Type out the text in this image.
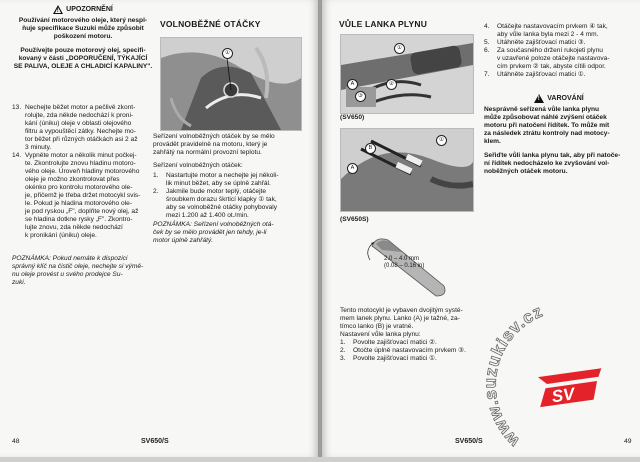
!
UPOZORNĚNÍ
Používání motorového oleje, který nespl-
ňuje specifikace Suzuki může způsobit
poškození motoru.
Používejte pouze motorový olej, specifi-
kovaný v části „DOPORUČENÍ, TÝKAJÍCÍ
SE PALIVA, OLEJE A CHLADICÍ KAPALINY".
13. Nechejte běžet motor a pečlivě zkont-
rolujte, zda někde nedochází k proni-
kání (úniku) oleje v oblasti olejového
filtru a vypouštěcí zátky. Nechejte mo-
tor běžet při různých otáčkách asi 2 až
3 minuty.
14. Vypněte motor a několik minut počkej-
te. Zkontrolujte znovu hladinu motoro-
vého oleje. Úroveň hladiny motorového
oleje je možno zkontrolovat přes
okénko pro kontrolu motorového ole-
je, přičemž je třeba držet motocykl svis-
le. Pokud je hladina motorového ole-
je pod ryskou „F", doplňte nový olej, až
se hladina dotkne rysky „F". Zkontro-
lujte znovu, zda někde nedochází
k pronikání (úniku) oleje.
POZNÁMKA: Pokud nemáte k dispozici
správný klíč na čistič oleje, nechejte si výmě-
nu oleje provést u svého prodejce Su-
zuki.
VOLNOBĚŽNÉ OTÁČKY
①
Seřízení volnoběžných otáček by se mělo
provádět pravidelně na motoru, který je
zahřátý na normální provozní teplotu.
Seřízení volnoběžných otáček:
1.	Nastartujte motor a nechejte jej několi-
lik minut běžet, aby se úplně zahřál.
2.	Jakmile bude motor teplý, otáčejte
šroubkem dorazu škrticí klapky ① tak,
aby se volnoběžné otáčky pohybovaly
mezi 1.200 až 1.400 ot./min.
POZNÁMKA: Seřízení volnoběžných otá-
ček by se mělo provádět jen tehdy, je-li
motor úplně zahřátý.
48	SV650/S
VŮLE LANKA PLYNU
①
A
③
②
(SV650)
B
①
A
(SV650S)
2.0 – 4.0 mm
(0.08 – 0.16 in)
Tento motocykl je vybaven dvojitým systé-
mem lanek plynu. Lanko (A) je tažné, za-
tímco lanko (B) je vratné.
Nastavení vůle lanka plynu:
1.	Povolte zajišťovací matici ②.
2.	Otočte úplně nastavovacím prvkem ③.
3.	Povolte zajišťovací matici ①.
4.	Otáčejte nastavovacím prvkem ④ tak,
aby vůle lanka byla mezi 2 - 4 mm.
5.	Utáhněte zajišťovací matici ③.
6.	Za současného držení rukojeti plynu
v uzavřené poloze otáčejte nastavova-
cím prvkem ② tak, abyste cítili odpor.
7.	Utáhněte zajišťovací matici ①.
!
VAROVÁNÍ
Nesprávně seřízená vůle lanka plynu
může způsobovat náhlé zvýšení otáček
motoru při natočení řídítek. To může mít
za následek ztrátu kontroly nad motocy-
klem.
Seřiďte vůli lanka plynu tak, aby při natoče-
ní řídítek nedocházelo ke zvyšování vol-
noběžných otáček motoru.
SV650/S	49
www.suzukisv.cz
SV
